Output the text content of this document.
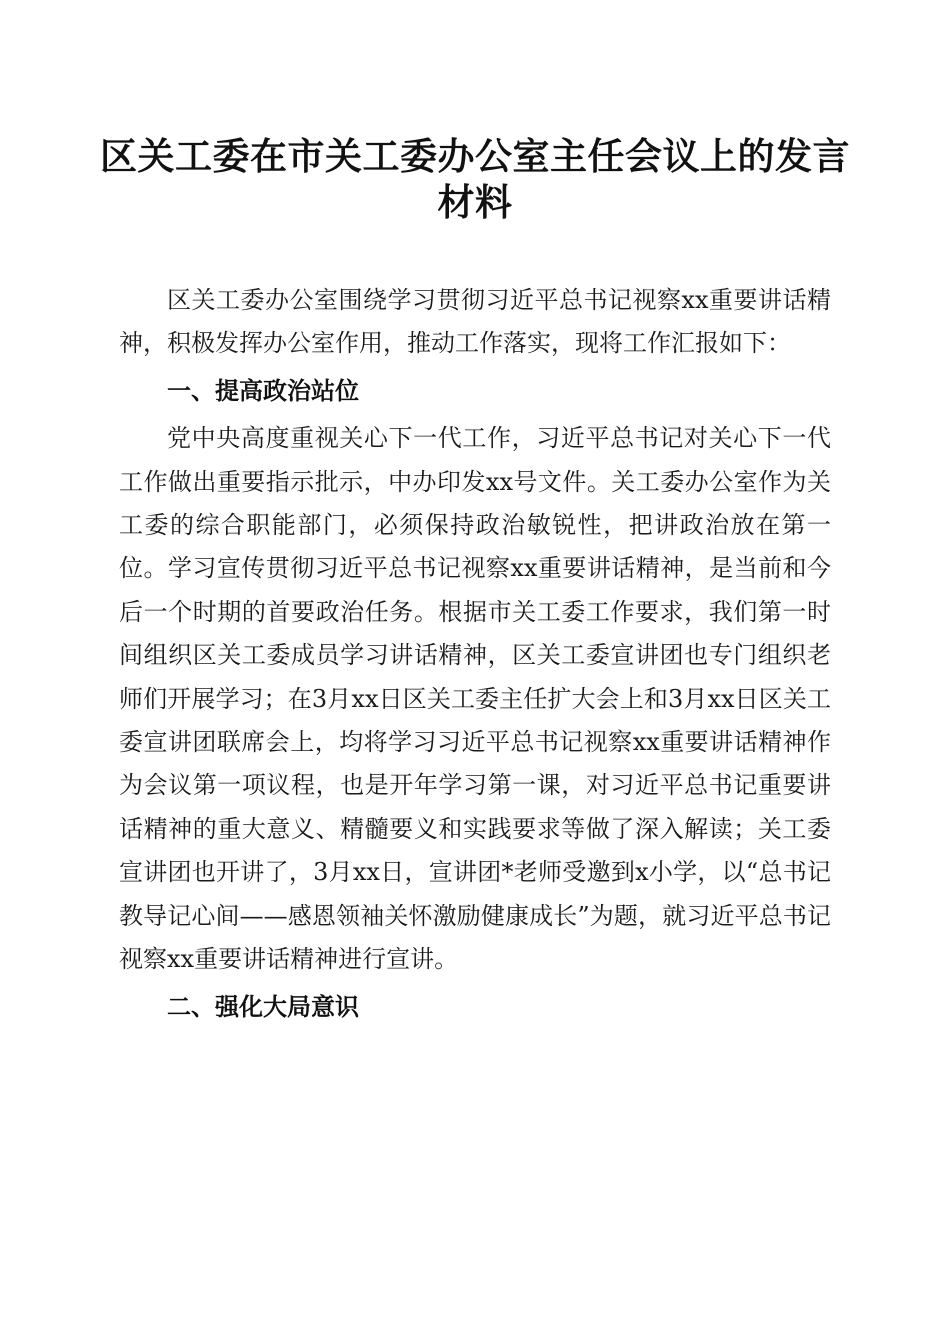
区关工委在市关工委办公室主任会议上的发言
材料

区关工委办公室围绕学习贯彻习近平总书记视察xx重要讲话精神，积极发挥办公室作用，推动工作落实，现将工作汇报如下：

一、提高政治站位

党中央高度重视关心下一代工作，习近平总书记对关心下一代工作做出重要指示批示，中办印发xx号文件。关工委办公室作为关工委的综合职能部门，必须保持政治敏锐性，把讲政治放在第一位。学习宣传贯彻习近平总书记视察xx重要讲话精神，是当前和今后一个时期的首要政治任务。根据市关工委工作要求，我们第一时间组织区关工委成员学习讲话精神，区关工委宣讲团也专门组织老师们开展学习；在3月xx日区关工委主任扩大会上和3月xx日区关工委宣讲团联席会上，均将学习习近平总书记视察xx重要讲话精神作为会议第一项议程，也是开年学习第一课，对习近平总书记重要讲话精神的重大意义、精髓要义和实践要求等做了深入解读；关工委宣讲团也开讲了，3月xx日，宣讲团*老师受邀到x小学，以“总书记教导记心间——感恩领袖关怀激励健康成长”为题，就习近平总书记视察xx重要讲话精神进行宣讲。

二、强化大局意识
